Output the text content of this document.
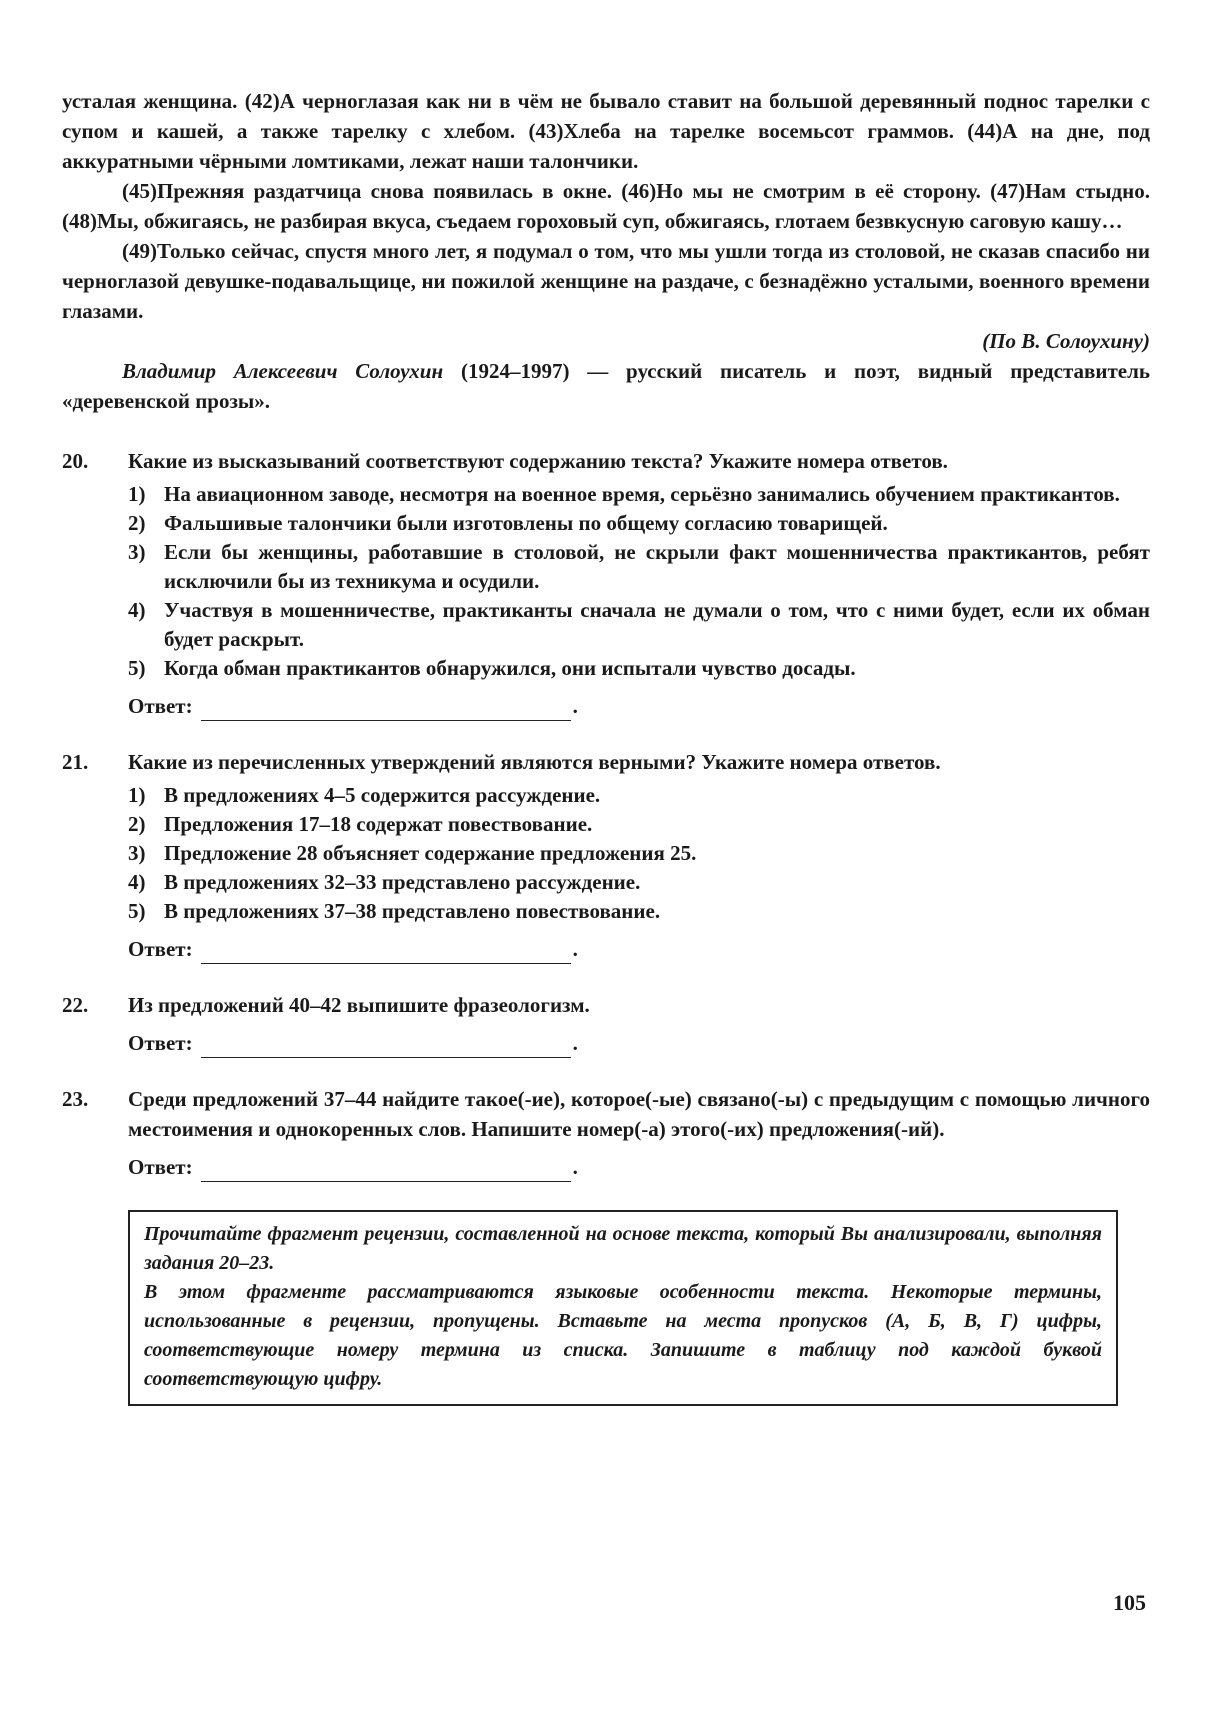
усталая женщина. (42)А черноглазая как ни в чём не бывало ставит на большой деревянный поднос тарелки с супом и кашей, а также тарелку с хлебом. (43)Хлеба на тарелке восемьсот граммов. (44)А на дне, под аккуратными чёрными ломтиками, лежат наши талончики.

(45)Прежняя раздатчица снова появилась в окне. (46)Но мы не смотрим в её сторону. (47)Нам стыдно. (48)Мы, обжигаясь, не разбирая вкуса, съедаем гороховый суп, обжигаясь, глотаем безвкусную саговую кашу…

(49)Только сейчас, спустя много лет, я подумал о том, что мы ушли тогда из столовой, не сказав спасибо ни черноглазой девушке-подавальщице, ни пожилой женщине на раздаче, с безнадёжно усталыми, военного времени глазами.

(По В. Солоухину)

Владимир Алексеевич Солоухин (1924–1997) — русский писатель и поэт, видный представитель «деревенской прозы».

20. Какие из высказываний соответствуют содержанию текста? Укажите номера ответов.

1) На авиационном заводе, несмотря на военное время, серьёзно занимались обучением практикантов.
2) Фальшивые талончики были изготовлены по общему согласию товарищей.
3) Если бы женщины, работавшие в столовой, не скрыли факт мошенничества практикантов, ребят исключили бы из техникума и осудили.
4) Участвуя в мошенничестве, практиканты сначала не думали о том, что с ними будет, если их обман будет раскрыт.
5) Когда обман практикантов обнаружился, они испытали чувство досады.
Ответ:	.
21. Какие из перечисленных утверждений являются верными? Укажите номера ответов.

1) В предложениях 4–5 содержится рассуждение.
2) Предложения 17–18 содержат повествование.
3) Предложение 28 объясняет содержание предложения 25.
4) В предложениях 32–33 представлено рассуждение.
5) В предложениях 37–38 представлено повествование.
Ответ:	.
22. Из предложений 40–42 выпишите фразеологизм.

Ответ:	.
23. Среди предложений 37–44 найдите такое(-ие), которое(-ые) связано(-ы) с предыдущим с помощью личного местоимения и однокоренных слов. Напишите номер(-а) этого(-их) предложения(-ий).

Ответ:	.

Прочитайте фрагмент рецензии, составленной на основе текста, который Вы анализировали, выполняя задания 20–23.

В этом фрагменте рассматриваются языковые особенности текста. Некоторые термины, использованные в рецензии, пропущены. Вставьте на места пропусков (А, Б, В, Г) цифры, соответствующие номеру термина из списка. Запишите в таблицу под каждой буквой соответствующую цифру.

105
